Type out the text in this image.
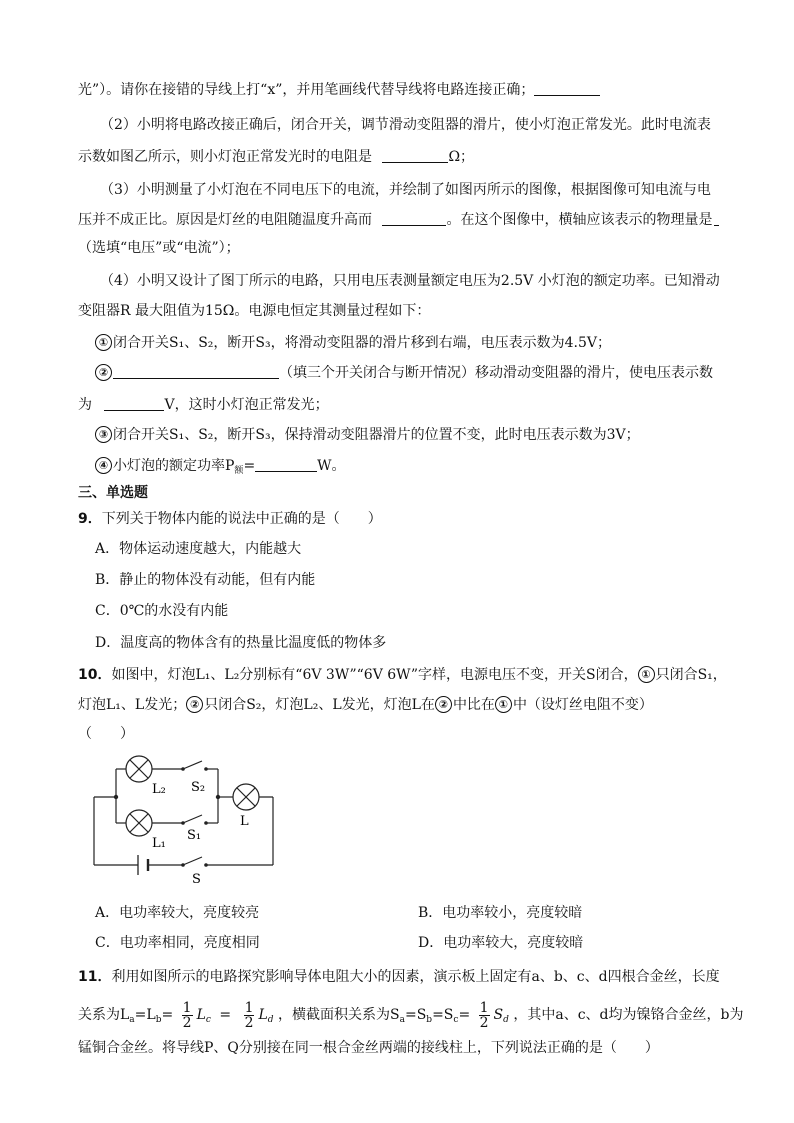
光”）。请你在接错的导线上打“x”，并用笔画线代替导线将电路连接正确；
（2）小明将电路改接正确后，闭合开关，调节滑动变阻器的滑片，使小灯泡正常发光。此时电流表
示数如图乙所示，则小灯泡正常发光时的电阻是	Ω；
（3）小明测量了小灯泡在不同电压下的电流，并绘制了如图丙所示的图像，根据图像可知电流与电
压并不成正比。原因是灯丝的电阻随温度升高而	。在这个图像中，横轴应该表示的物理量是
（选填“电压”或“电流”）；
（4）小明又设计了图丁所示的电路，只用电压表测量额定电压为2.5V 小灯泡的额定功率。已知滑动
变阻器R 最大阻值为15Ω。电源电恒定其测量过程如下：
① 闭合开关S₁、S₂，断开S₃，将滑动变阻器的滑片移到右端，电压表示数为4.5V；
②	（填三个开关闭合与断开情况）移动滑动变阻器的滑片，使电压表示数
为	V，这时小灯泡正常发光；
③ 闭合开关S₁、S₂，断开S₃，保持滑动变阻器滑片的位置不变，此时电压表示数为3V；
④ 小灯泡的额定功率$P_额=$	W。
三、单选题
9．下列关于物体内能的说法中正确的是（　　）
A．物体运动速度越大，内能越大
B．静止的物体没有动能，但有内能
C．0℃的水没有内能
D．温度高的物体含有的热量比温度低的物体多
10．如图中，灯泡L₁、L₂分别标有“6V 3W”“6V 6W”字样，电源电压不变，开关S闭合， ① 只闭合S₁，
灯泡L₁、L发光； ② 只闭合S₂，灯泡L₂、L发光，灯泡L在 ② 中比在 ① 中（设灯丝电阻不变）
（　　）
L₂ S₂
L
L₁
S₁
S
A．电功率较大，亮度较亮	B．电功率较小，亮度较暗
C．电功率相同，亮度相同	D．电功率较大，亮度较暗
11．利用如图所示的电路探究影响导体电阻大小的因素，演示板上固定有a、b、c、d四根合金丝，长度
关系为$L_a=L_b= \frac{1}{2} L_c = \frac{1}{2} L_d$ ，横截面积关系为$S_a=S_b=S_c= \frac{1}{2} S_d$ ，其中a、c、d均为镍铬合金丝，b为
锰铜合金丝。将导线P、Q分别接在同一根合金丝两端的接线柱上，下列说法正确的是（　　）
